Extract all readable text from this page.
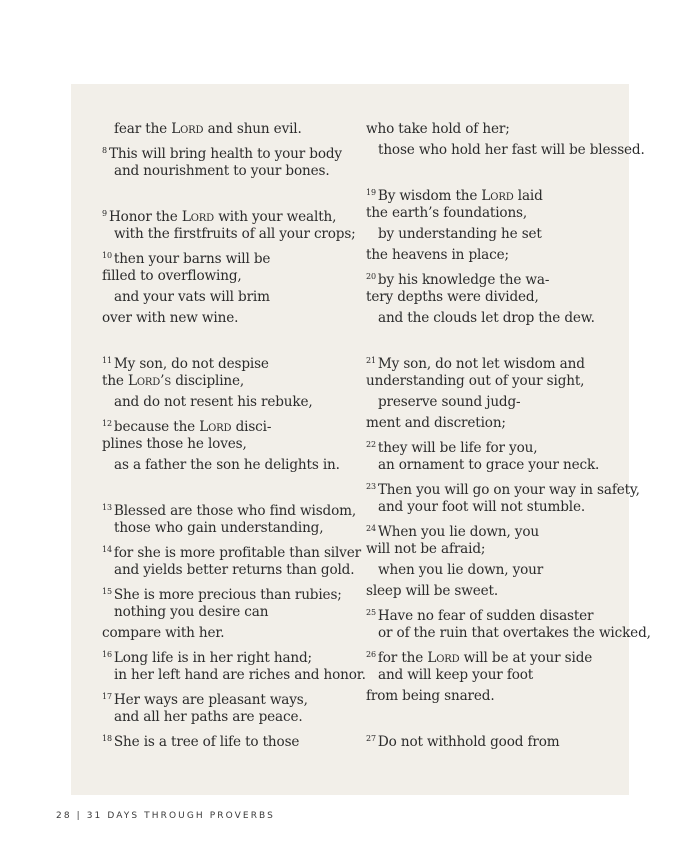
fear the Lord and shun evil.
$^8$ This will bring health to your body
and nourishment to your bones.
$^9$ Honor the Lord with your wealth,
with the firstfruits of all your crops;
$^{10}$ then your barns will be
filled to overflowing,
and your vats will brim
over with new wine.
$^{11}$ My son, do not despise
the Lord’s discipline,
and do not resent his rebuke,
$^{12}$ because the Lord disci-
plines those he loves,
as a father the son he delights in.
$^{13}$ Blessed are those who find wisdom,
those who gain understanding,
$^{14}$ for she is more profitable than silver
and yields better returns than gold.
$^{15}$ She is more precious than rubies;
nothing you desire can
compare with her.
$^{16}$ Long life is in her right hand;
in her left hand are riches and honor.
$^{17}$ Her ways are pleasant ways,
and all her paths are peace.
$^{18}$ She is a tree of life to those
who take hold of her;
those who hold her fast will be blessed.
$^{19}$ By wisdom the Lord laid
the earth’s foundations,
by understanding he set
the heavens in place;
$^{20}$ by his knowledge the wa-
tery depths were divided,
and the clouds let drop the dew.
$^{21}$ My son, do not let wisdom and
understanding out of your sight,
preserve sound judg-
ment and discretion;
$^{22}$ they will be life for you,
an ornament to grace your neck.
$^{23}$ Then you will go on your way in safety,
and your foot will not stumble.
$^{24}$ When you lie down, you
will not be afraid;
when you lie down, your
sleep will be sweet.
$^{25}$ Have no fear of sudden disaster
or of the ruin that overtakes the wicked,
$^{26}$ for the Lord will be at your side
and will keep your foot
from being snared.
$^{27}$ Do not withhold good from
28 | 31 DAYS THROUGH PROVERBS
